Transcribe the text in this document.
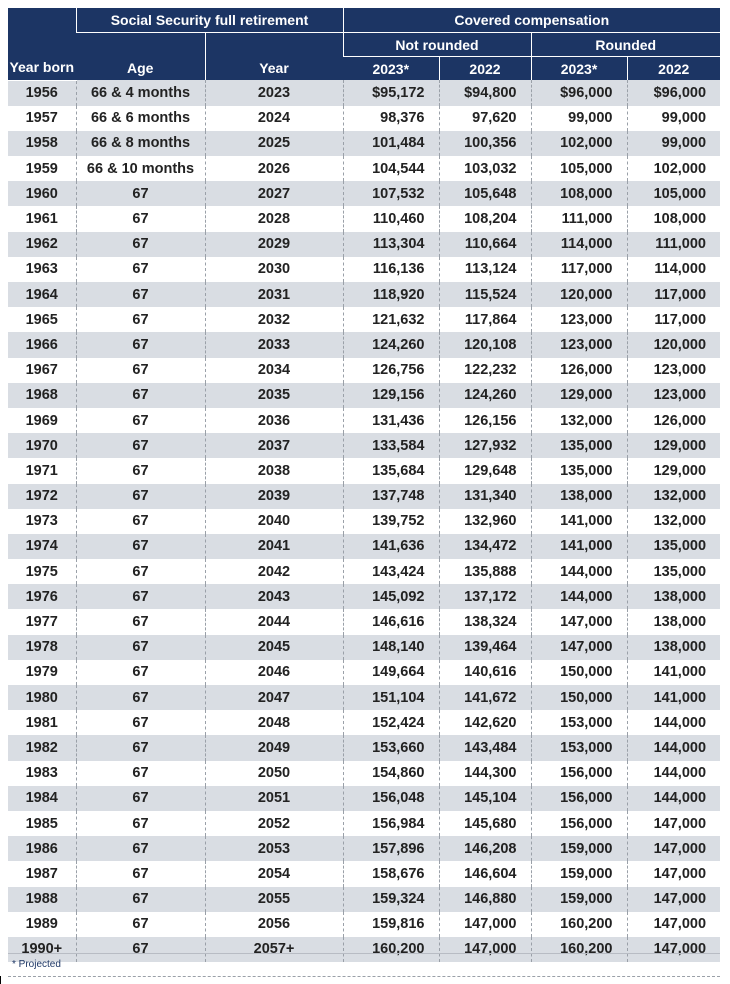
Year born	Social Security full retirement		Covered compensation			
	Age	Year	Not rounded		Rounded	
			2023*	2022	2023*	2022
1956	66 & 4 months	2023	$95,172	$94,800	$96,000	$96,000
1957	66 & 6 months	2024	98,376	97,620	99,000	99,000
1958	66 & 8 months	2025	101,484	100,356	102,000	99,000
1959	66 & 10 months	2026	104,544	103,032	105,000	102,000
1960	67	2027	107,532	105,648	108,000	105,000
1961	67	2028	110,460	108,204	111,000	108,000
1962	67	2029	113,304	110,664	114,000	111,000
1963	67	2030	116,136	113,124	117,000	114,000
1964	67	2031	118,920	115,524	120,000	117,000
1965	67	2032	121,632	117,864	123,000	117,000
1966	67	2033	124,260	120,108	123,000	120,000
1967	67	2034	126,756	122,232	126,000	123,000
1968	67	2035	129,156	124,260	129,000	123,000
1969	67	2036	131,436	126,156	132,000	126,000
1970	67	2037	133,584	127,932	135,000	129,000
1971	67	2038	135,684	129,648	135,000	129,000
1972	67	2039	137,748	131,340	138,000	132,000
1973	67	2040	139,752	132,960	141,000	132,000
1974	67	2041	141,636	134,472	141,000	135,000
1975	67	2042	143,424	135,888	144,000	135,000
1976	67	2043	145,092	137,172	144,000	138,000
1977	67	2044	146,616	138,324	147,000	138,000
1978	67	2045	148,140	139,464	147,000	138,000
1979	67	2046	149,664	140,616	150,000	141,000
1980	67	2047	151,104	141,672	150,000	141,000
1981	67	2048	152,424	142,620	153,000	144,000
1982	67	2049	153,660	143,484	153,000	144,000
1983	67	2050	154,860	144,300	156,000	144,000
1984	67	2051	156,048	145,104	156,000	144,000
1985	67	2052	156,984	145,680	156,000	147,000
1986	67	2053	157,896	146,208	159,000	147,000
1987	67	2054	158,676	146,604	159,000	147,000
1988	67	2055	159,324	146,880	159,000	147,000
1989	67	2056	159,816	147,000	160,200	147,000
1990+	67	2057+	160,200	147,000	160,200	147,000
* Projected
